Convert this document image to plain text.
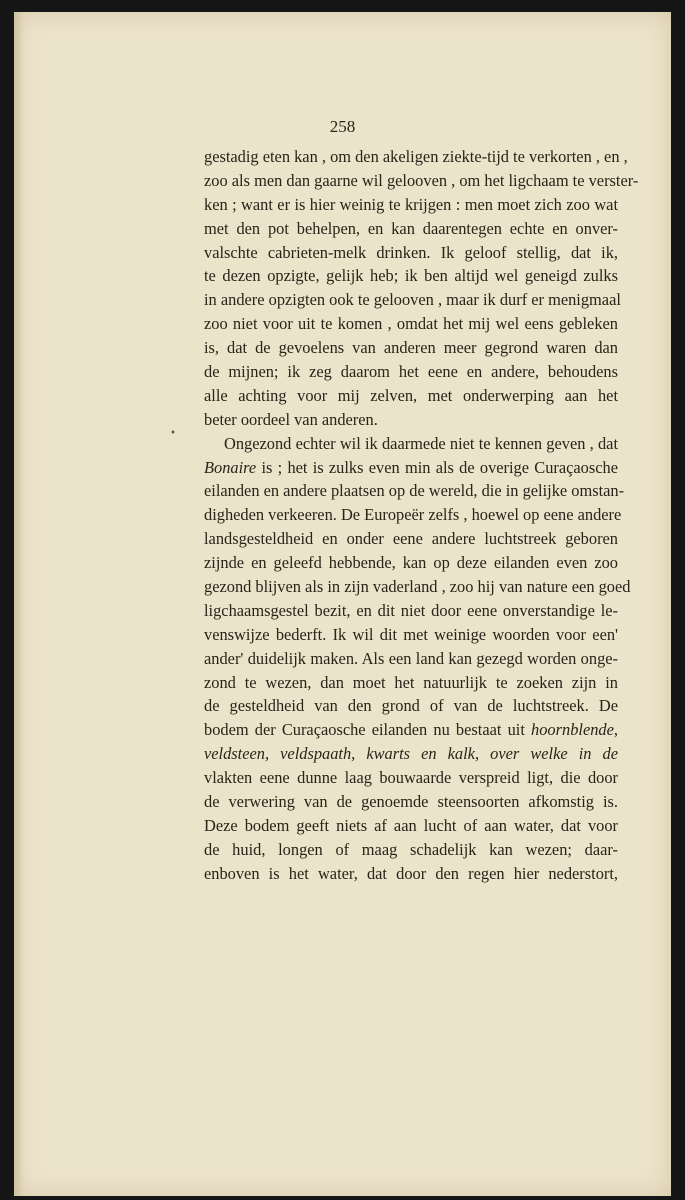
•
258
gestadig eten kan , om den akeligen ziekte-tijd te verkorten , en ,
zoo als men dan gaarne wil gelooven , om het ligchaam te verster-
ken ; want er is hier weinig te krijgen : men moet zich zoo wat
met den pot behelpen, en kan daarentegen echte en onver-
valschte cabrieten-melk drinken. Ik geloof stellig, dat ik,
te dezen opzigte, gelijk heb; ik ben altijd wel geneigd zulks
in andere opzigten ook te gelooven , maar ik durf er menigmaal
zoo niet voor uit te komen , omdat het mij wel eens gebleken
is, dat de gevoelens van anderen meer gegrond waren dan
de mijnen; ik zeg daarom het eene en andere, behoudens
alle achting voor mij zelven, met onderwerping aan het
beter oordeel van anderen.
Ongezond echter wil ik daarmede niet te kennen geven , dat
Bonaire is ; het is zulks even min als de overige Curaçaosche
eilanden en andere plaatsen op de wereld, die in gelijke omstan-
digheden verkeeren. De Europeër zelfs , hoewel op eene andere
landsgesteldheid en onder eene andere luchtstreek geboren
zijnde en geleefd hebbende, kan op deze eilanden even zoo
gezond blijven als in zijn vaderland , zoo hij van nature een goed
ligchaamsgestel bezit, en dit niet door eene onverstandige le-
venswijze bederft. Ik wil dit met weinige woorden voor een'
ander' duidelijk maken. Als een land kan gezegd worden onge-
zond te wezen, dan moet het natuurlijk te zoeken zijn in
de gesteldheid van den grond of van de luchtstreek. De
bodem der Curaçaosche eilanden nu bestaat uit hoornblende,
veldsteen, veldspaath, kwarts en kalk, over welke in de
vlakten eene dunne laag bouwaarde verspreid ligt, die door
de verwering van de genoemde steensoorten afkomstig is.
Deze bodem geeft niets af aan lucht of aan water, dat voor
de huid, longen of maag schadelijk kan wezen; daar-
enboven is het water, dat door den regen hier nederstort,
